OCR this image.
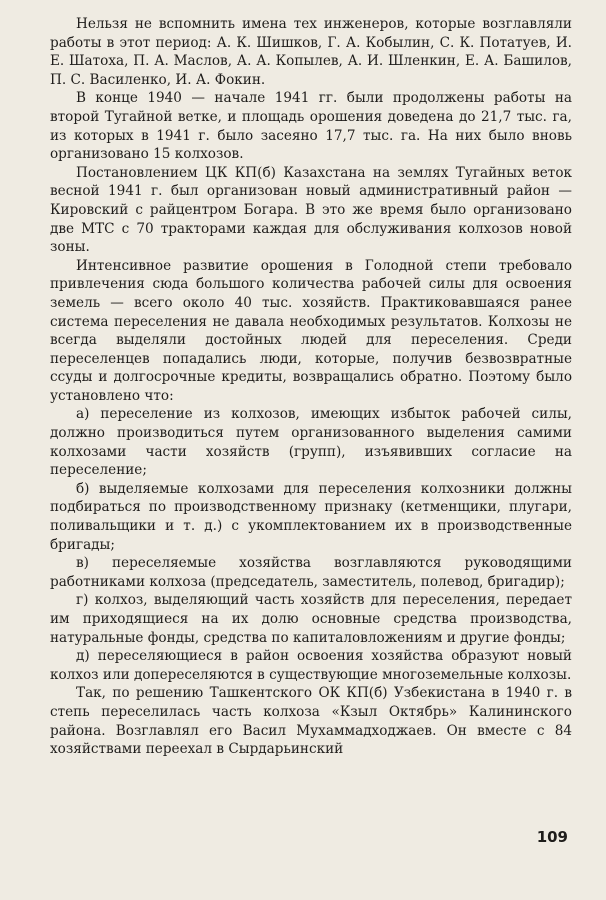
Нельзя не вспомнить имена тех инженеров, которые возглавляли работы в этот период: А. К. Шишков, Г. А. Кобылин, С. К. Потатуев, И. Е. Шатоха, П. А. Маслов, А. А. Копылев, А. И. Шленкин, Е. А. Башилов, П. С. Василенко, И. А. Фокин.

В конце 1940 — начале 1941 гг. были продолжены работы на второй Тугайной ветке, и площадь орошения доведена до 21,7 тыс. га, из которых в 1941 г. было засеяно 17,7 тыс. га. На них было вновь организовано 15 колхозов.

Постановлением ЦК КП(б) Казахстана на землях Тугайных веток весной 1941 г. был организован новый административный район — Кировский с райцентром Богара. В это же время было организовано две МТС с 70 тракторами каждая для обслуживания колхозов новой зоны.

Интенсивное развитие орошения в Голодной степи требовало привлечения сюда большого количества рабочей силы для освоения земель — всего около 40 тыс. хозяйств. Практиковавшаяся ранее система переселения не давала необходимых результатов. Колхозы не всегда выделяли достойных людей для переселения. Среди переселенцев попадались люди, которые, получив безвозвратные ссуды и долгосрочные кредиты, возвращались обратно. Поэтому было установлено что:

а) переселение из колхозов, имеющих избыток рабочей силы, должно производиться путем организованного выделения самими колхозами части хозяйств (групп), изъявивших согласие на переселение;

б) выделяемые колхозами для переселения колхозники должны подбираться по производственному признаку (кетменщики, плугари, поливальщики и т. д.) с укомплектованием их в производственные бригады;

в) переселяемые хозяйства возглавляются руководящими работниками колхоза (председатель, заместитель, полевод, бригадир);

г) колхоз, выделяющий часть хозяйств для переселения, передает им приходящиеся на их долю основные средства производства, натуральные фонды, средства по капиталовложениям и другие фонды;

д) переселяющиеся в район освоения хозяйства образуют новый колхоз или допереселяются в существующие многоземельные колхозы.

Так, по решению Ташкентского ОК КП(б) Узбекистана в 1940 г. в степь переселилась часть колхоза «Кзыл Октябрь» Калининского района. Возглавлял его Васил Мухаммадходжаев. Он вместе с 84 хозяйствами переехал в Сырдарьинский

109
